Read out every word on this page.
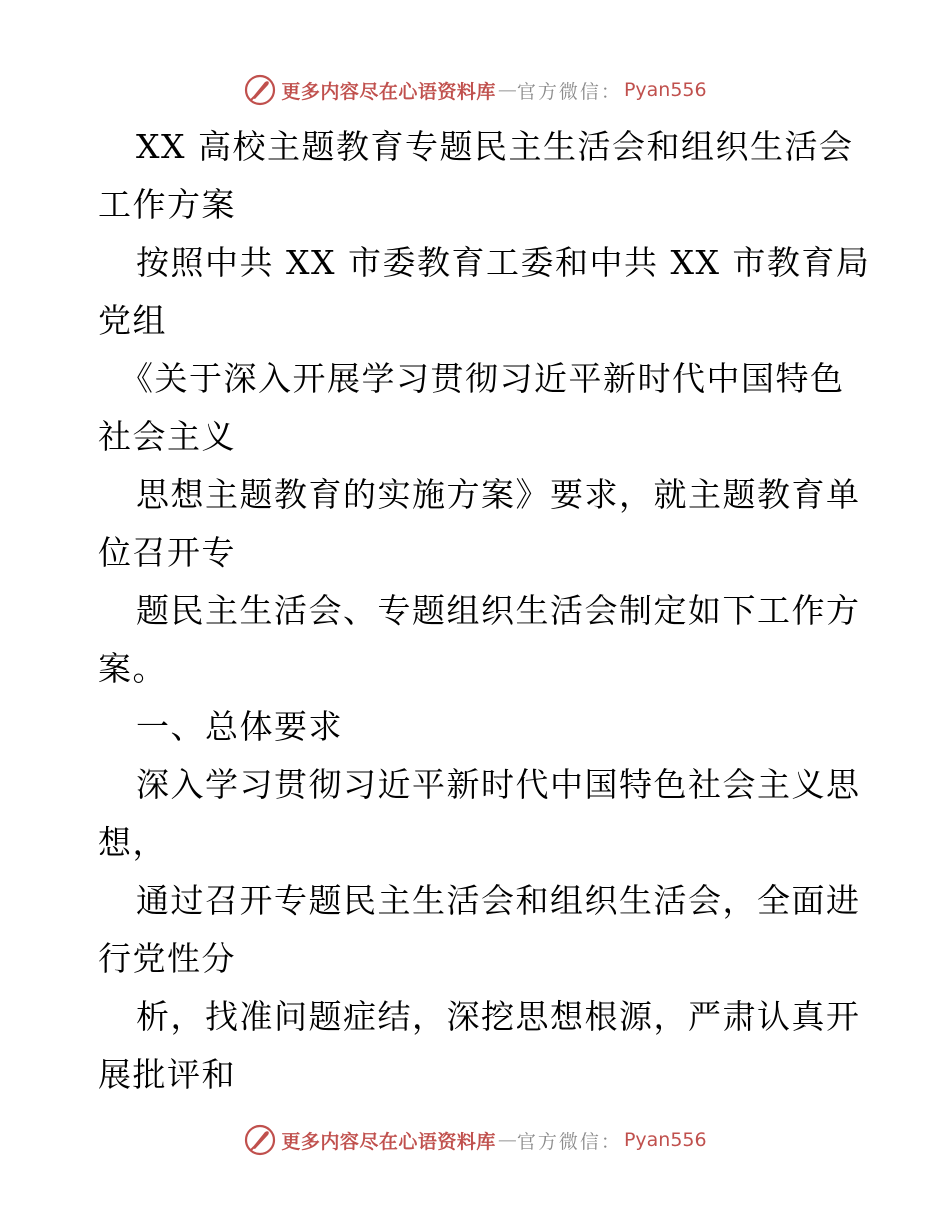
更多内容尽在心语资料库 — 官方微信： Pyan556
XX 高校主题教育专题民主生活会和组织生活会
工作方案
按照中共 XX 市委教育工委和中共 XX 市教育局
党组
《关于深入开展学习贯彻习近平新时代中国特色
社会主义
思想主题教育的实施方案》要求，就主题教育单
位召开专
题民主生活会、专题组织生活会制定如下工作方
案。
一、总体要求
深入学习贯彻习近平新时代中国特色社会主义思
想，
通过召开专题民主生活会和组织生活会，全面进
行党性分
析，找准问题症结，深挖思想根源，严肃认真开
展批评和
更多内容尽在心语资料库 — 官方微信： Pyan556
